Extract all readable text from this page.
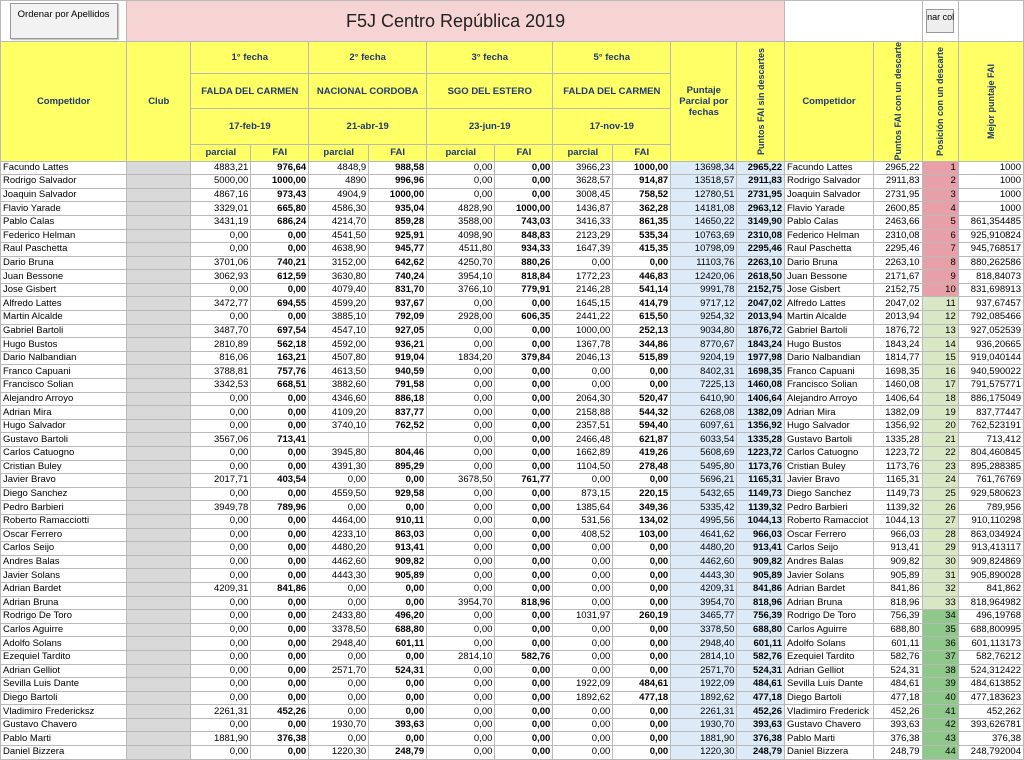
Ordenar por Apellidos	F5J Centro República 2019													nar col	

Competidor	Club	1° fecha		2° fecha		3° fecha		5° fecha		Puntaje Parcial por fechas	Puntos FAI sin descartes	Competidor	Puntos FAI con un descarte	Posición con un descarte	Mejor puntaje FAI

		FALDA DEL CARMEN		NACIONAL CORDOBA		SGO DEL ESTERO		FALDA DEL CARMEN							
		17-feb-19		21-abr-19		23-jun-19		17-nov-19							
		parcial	FAI	parcial	FAI	parcial	FAI	parcial	FAI						
Facundo Lattes		4883,21	976,64	4848,9	988,58	0,00	0,00	3966,23	1000,00	13698,34	2965,22	Facundo Lattes	2965,22	1	1000
Rodrigo Salvador		5000,00	1000,00	4890	996,96	0,00	0,00	3628,57	914,87	13518,57	2911,83	Rodrigo Salvador	2911,83	2	1000
Joaquin Salvador		4867,16	973,43	4904,9	1000,00	0,00	0,00	3008,45	758,52	12780,51	2731,95	Joaquin Salvador	2731,95	3	1000
Flavio Yarade		3329,01	665,80	4586,30	935,04	4828,90	1000,00	1436,87	362,28	14181,08	2963,12	Flavio Yarade	2600,85	4	1000
Pablo Calas		3431,19	686,24	4214,70	859,28	3588,00	743,03	3416,33	861,35	14650,22	3149,90	Pablo Calas	2463,66	5	861,354485
Federico Helman		0,00	0,00	4541,50	925,91	4098,90	848,83	2123,29	535,34	10763,69	2310,08	Federico Helman	2310,08	6	925,910824
Raul Paschetta		0,00	0,00	4638,90	945,77	4511,80	934,33	1647,39	415,35	10798,09	2295,46	Raul Paschetta	2295,46	7	945,768517
Dario Bruna		3701,06	740,21	3152,00	642,62	4250,70	880,26	0,00	0,00	11103,76	2263,10	Dario Bruna	2263,10	8	880,262586
Juan Bessone		3062,93	612,59	3630,80	740,24	3954,10	818,84	1772,23	446,83	12420,06	2618,50	Juan Bessone	2171,67	9	818,84073
Jose Gisbert		0,00	0,00	4079,40	831,70	3766,10	779,91	2146,28	541,14	9991,78	2152,75	Jose Gisbert	2152,75	10	831,698913
Alfredo Lattes		3472,77	694,55	4599,20	937,67	0,00	0,00	1645,15	414,79	9717,12	2047,02	Alfredo Lattes	2047,02	11	937,67457
Martin Alcalde		0,00	0,00	3885,10	792,09	2928,00	606,35	2441,22	615,50	9254,32	2013,94	Martin Alcalde	2013,94	12	792,085466
Gabriel Bartoli		3487,70	697,54	4547,10	927,05	0,00	0,00	1000,00	252,13	9034,80	1876,72	Gabriel Bartoli	1876,72	13	927,052539
Hugo Bustos		2810,89	562,18	4592,00	936,21	0,00	0,00	1367,78	344,86	8770,67	1843,24	Hugo Bustos	1843,24	14	936,20665
Dario Nalbandian		816,06	163,21	4507,80	919,04	1834,20	379,84	2046,13	515,89	9204,19	1977,98	Dario Nalbandian	1814,77	15	919,040144
Franco Capuani		3788,81	757,76	4613,50	940,59	0,00	0,00	0,00	0,00	8402,31	1698,35	Franco Capuani	1698,35	16	940,590022
Francisco Solian		3342,53	668,51	3882,60	791,58	0,00	0,00	0,00	0,00	7225,13	1460,08	Francisco Solian	1460,08	17	791,575771
Alejandro Arroyo		0,00	0,00	4346,60	886,18	0,00	0,00	2064,30	520,47	6410,90	1406,64	Alejandro Arroyo	1406,64	18	886,175049
Adrian Mira		0,00	0,00	4109,20	837,77	0,00	0,00	2158,88	544,32	6268,08	1382,09	Adrian Mira	1382,09	19	837,77447
Hugo Salvador		0,00	0,00	3740,10	762,52	0,00	0,00	2357,51	594,40	6097,61	1356,92	Hugo Salvador	1356,92	20	762,523191
Gustavo Bartoli		3567,06	713,41			0,00	0,00	2466,48	621,87	6033,54	1335,28	Gustavo Bartoli	1335,28	21	713,412
Carlos Catuogno		0,00	0,00	3945,80	804,46	0,00	0,00	1662,89	419,26	5608,69	1223,72	Carlos Catuogno	1223,72	22	804,460845
Cristian Buley		0,00	0,00	4391,30	895,29	0,00	0,00	1104,50	278,48	5495,80	1173,76	Cristian Buley	1173,76	23	895,288385
Javier Bravo		2017,71	403,54	0,00	0,00	3678,50	761,77	0,00	0,00	5696,21	1165,31	Javier Bravo	1165,31	24	761,76769
Diego Sanchez		0,00	0,00	4559,50	929,58	0,00	0,00	873,15	220,15	5432,65	1149,73	Diego Sanchez	1149,73	25	929,580623
Pedro Barbieri		3949,78	789,96	0,00	0,00	0,00	0,00	1385,64	349,36	5335,42	1139,32	Pedro Barbieri	1139,32	26	789,956
Roberto Ramacciotti		0,00	0,00	4464,00	910,11	0,00	0,00	531,56	134,02	4995,56	1044,13	Roberto Ramacciot	1044,13	27	910,110298
Oscar Ferrero		0,00	0,00	4233,10	863,03	0,00	0,00	408,52	103,00	4641,62	966,03	Oscar Ferrero	966,03	28	863,034924
Carlos Seijo		0,00	0,00	4480,20	913,41	0,00	0,00	0,00	0,00	4480,20	913,41	Carlos Seijo	913,41	29	913,413117
Andres Balas		0,00	0,00	4462,60	909,82	0,00	0,00	0,00	0,00	4462,60	909,82	Andres Balas	909,82	30	909,824869
Javier Solans		0,00	0,00	4443,30	905,89	0,00	0,00	0,00	0,00	4443,30	905,89	Javier Solans	905,89	31	905,890028
Adrian Bardet		4209,31	841,86	0,00	0,00	0,00	0,00	0,00	0,00	4209,31	841,86	Adrian Bardet	841,86	32	841,862
Adrian Bruna		0,00	0,00	0,00	0,00	3954,70	818,96	0,00	0,00	3954,70	818,96	Adrian Bruna	818,96	33	818,964982
Rodrigo De Toro		0,00	0,00	2433,80	496,20	0,00	0,00	1031,97	260,19	3465,77	756,39	Rodrigo De Toro	756,39	34	496,19768
Carlos Aguirre		0,00	0,00	3378,50	688,80	0,00	0,00	0,00	0,00	3378,50	688,80	Carlos Aguirre	688,80	35	688,800995
Adolfo Solans		0,00	0,00	2948,40	601,11	0,00	0,00	0,00	0,00	2948,40	601,11	Adolfo Solans	601,11	36	601,113173
Ezequiel Tardito		0,00	0,00	0,00	0,00	2814,10	582,76	0,00	0,00	2814,10	582,76	Ezequiel Tardito	582,76	37	582,76212
Adrian Gelliot		0,00	0,00	2571,70	524,31	0,00	0,00	0,00	0,00	2571,70	524,31	Adrian Gelliot	524,31	38	524,312422
Sevilla Luis Dante		0,00	0,00	0,00	0,00	0,00	0,00	1922,09	484,61	1922,09	484,61	Sevilla Luis Dante	484,61	39	484,613852
Diego Bartoli		0,00	0,00	0,00	0,00	0,00	0,00	1892,62	477,18	1892,62	477,18	Diego Bartoli	477,18	40	477,183623
Vladimiro Fredericksz		2261,31	452,26	0,00	0,00	0,00	0,00	0,00	0,00	2261,31	452,26	Vladimiro Frederick	452,26	41	452,262
Gustavo Chavero		0,00	0,00	1930,70	393,63	0,00	0,00	0,00	0,00	1930,70	393,63	Gustavo Chavero	393,63	42	393,626781
Pablo Marti		1881,90	376,38	0,00	0,00	0,00	0,00	0,00	0,00	1881,90	376,38	Pablo Marti	376,38	43	376,38
Daniel Bizzera		0,00	0,00	1220,30	248,79	0,00	0,00	0,00	0,00	1220,30	248,79	Daniel Bizzera	248,79	44	248,792004
